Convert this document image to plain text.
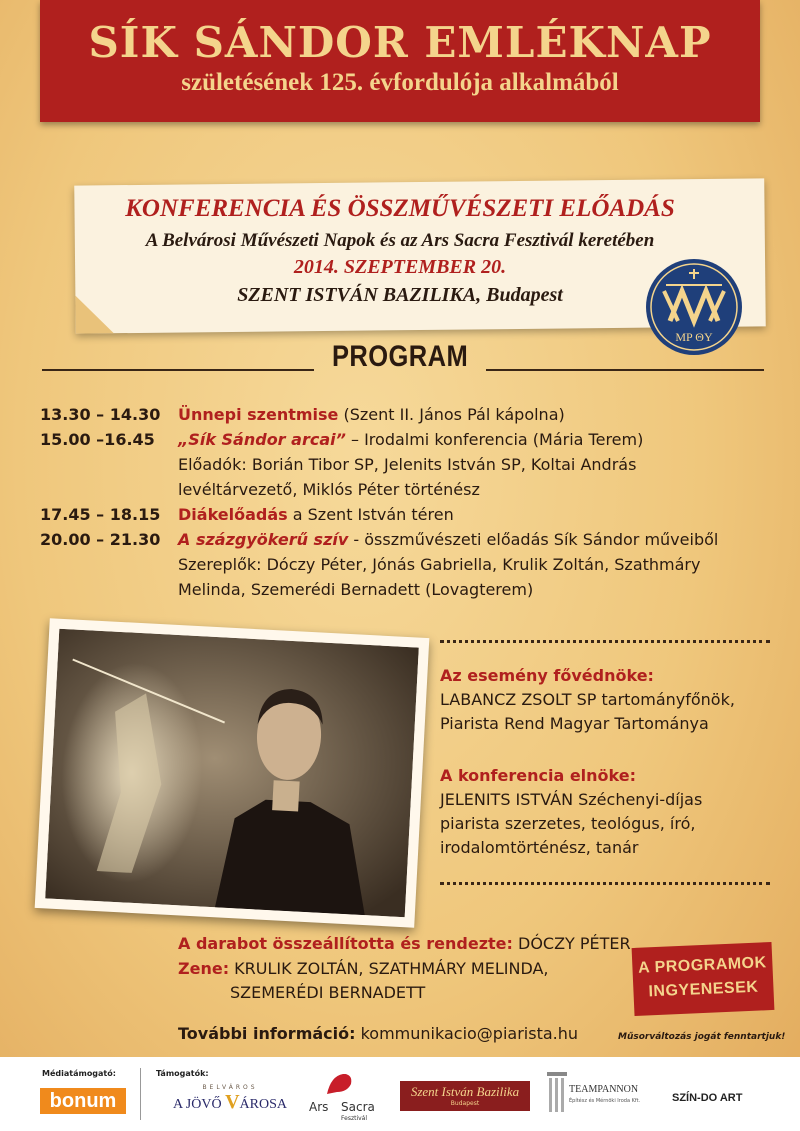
SÍK SÁNDOR EMLÉKNAP
születésének 125. évfordulója alkalmából
KONFERENCIA ÉS ÖSSZMŰVÉSZETI ELŐADÁS
A Belvárosi Művészeti Napok és az Ars Sacra Fesztivál keretében
2014. SZEPTEMBER 20.
SZENT ISTVÁN BAZILIKA, Budapest
MP ΘY
PROGRAM
13.30 – 14.30	Ünnepi szentmise (Szent II. János Pál kápolna)
15.00 –16.45	„Sík Sándor arcai” – Irodalmi konferencia (Mária Terem)
Előadók: Borián Tibor SP, Jelenits István SP, Koltai András
levéltárvezető, Miklós Péter történész
17.45 – 18.15	Diákelőadás a Szent István téren
20.00 – 21.30	A százgyökerű szív - összművészeti előadás Sík Sándor műveiből
Szereplők: Dóczy Péter, Jónás Gabriella, Krulik Zoltán, Szathmáry
Melinda, Szemerédi Bernadett (Lovagterem)
Az esemény fővédnöke:
LABANCZ ZSOLT SP tartományfőnök,
Piarista Rend Magyar Tartománya
A konferencia elnöke:
JELENITS ISTVÁN Széchenyi-díjas
piarista szerzetes, teológus, író,
irodalomtörténész, tanár
A darabot összeállította és rendezte: DÓCZY PÉTER
Zene: KRULIK ZOLTÁN, SZATHMÁRY MELINDA,
SZEMERÉDI BERNADETT
További információ: kommunikacio@piarista.hu
A PROGRAMOK
INGYENESEK
Műsorváltozás jogát fenntartjuk!
Médiatámogató:
bonum
Támogatók:
BELVÁROS
A JÖVŐ VÁROSA Ars Sacra
Fesztivál
Szent István Bazilika
Budapest
TEAMPANNON
Építész és Mérnöki Iroda Kft.	SZÍN-DO ART
